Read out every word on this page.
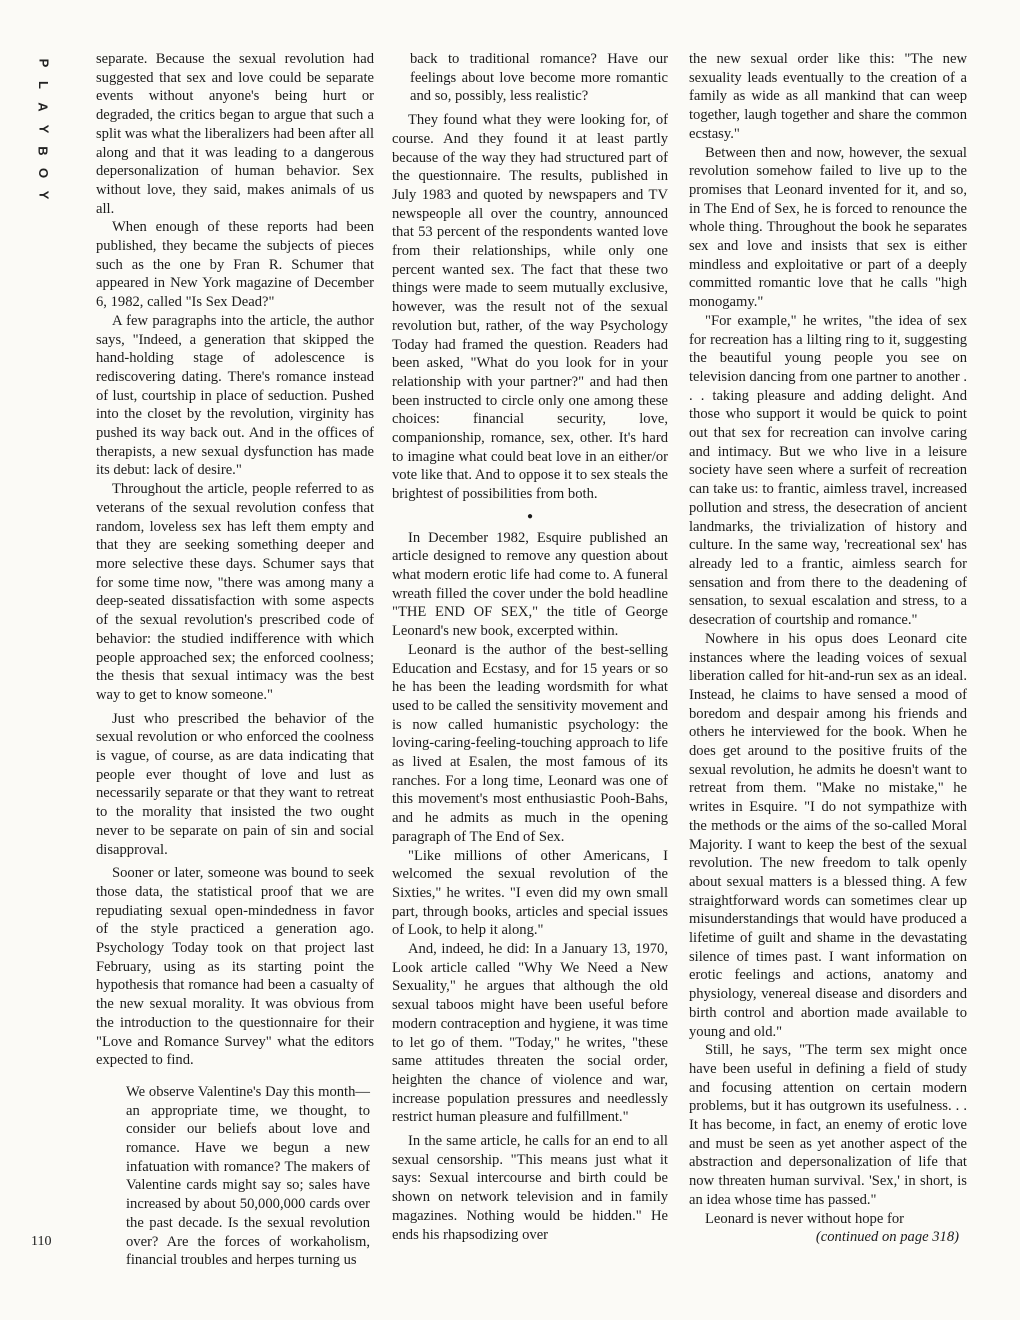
P
L
A
Y
B
O
Y

separate. Because the sexual revolution had suggested that sex and love could be separate events without anyone's being hurt or degraded, the critics began to argue that such a split was what the liberalizers had been after all along and that it was leading to a dangerous depersonalization of human behavior. Sex without love, they said, makes animals of us all.

When enough of these reports had been published, they became the subjects of pieces such as the one by Fran R. Schumer that appeared in New York magazine of December 6, 1982, called "Is Sex Dead?"

A few paragraphs into the article, the author says, "Indeed, a generation that skipped the hand-holding stage of adolescence is rediscovering dating. There's romance instead of lust, courtship in place of seduction. Pushed into the closet by the revolution, virginity has pushed its way back out. And in the offices of therapists, a new sexual dysfunction has made its debut: lack of desire."

Throughout the article, people referred to as veterans of the sexual revolution confess that random, loveless sex has left them empty and that they are seeking something deeper and more selective these days. Schumer says that for some time now, "there was among many a deep-seated dissatisfaction with some aspects of the sexual revolution's prescribed code of behavior: the studied indifference with which people approached sex; the enforced coolness; the thesis that sexual intimacy was the best way to get to know someone."

Just who prescribed the behavior of the sexual revolution or who enforced the coolness is vague, of course, as are data indicating that people ever thought of love and lust as necessarily separate or that they want to retreat to the morality that insisted the two ought never to be separate on pain of sin and social disapproval.

Sooner or later, someone was bound to seek those data, the statistical proof that we are repudiating sexual open-mindedness in favor of the style practiced a generation ago. Psychology Today took on that project last February, using as its starting point the hypothesis that romance had been a casualty of the new sexual morality. It was obvious from the introduction to the questionnaire for their "Love and Romance Survey" what the editors expected to find.

We observe Valentine's Day this month—an appropriate time, we thought, to consider our beliefs about love and romance. Have we begun a new infatuation with romance? The makers of Valentine cards might say so; sales have increased by about 50,000,000 cards over the past decade. Is the sexual revolution over? Are the forces of workaholism, financial troubles and herpes turning us

back to traditional romance? Have our feelings about love become more romantic and so, possibly, less realistic?

They found what they were looking for, of course. And they found it at least partly because of the way they had structured part of the questionnaire. The results, published in July 1983 and quoted by newspapers and TV newspeople all over the country, announced that 53 percent of the respondents wanted love from their relationships, while only one percent wanted sex. The fact that these two things were made to seem mutually exclusive, however, was the result not of the sexual revolution but, rather, of the way Psychology Today had framed the question. Readers had been asked, "What do you look for in your relationship with your partner?" and had then been instructed to circle only one among these choices: financial security, love, companionship, romance, sex, other. It's hard to imagine what could beat love in an either/or vote like that. And to oppose it to sex steals the brightest of possibilities from both.

●

In December 1982, Esquire published an article designed to remove any question about what modern erotic life had come to. A funeral wreath filled the cover under the bold headline "THE END OF SEX," the title of George Leonard's new book, excerpted within.

Leonard is the author of the best-selling Education and Ecstasy, and for 15 years or so he has been the leading wordsmith for what used to be called the sensitivity movement and is now called humanistic psychology: the loving-caring-feeling-touching approach to life as lived at Esalen, the most famous of its ranches. For a long time, Leonard was one of this movement's most enthusiastic Pooh-Bahs, and he admits as much in the opening paragraph of The End of Sex.

"Like millions of other Americans, I welcomed the sexual revolution of the Sixties," he writes. "I even did my own small part, through books, articles and special issues of Look, to help it along."

And, indeed, he did: In a January 13, 1970, Look article called "Why We Need a New Sexuality," he argues that although the old sexual taboos might have been useful before modern contraception and hygiene, it was time to let go of them. "Today," he writes, "these same attitudes threaten the social order, heighten the chance of violence and war, increase population pressures and needlessly restrict human pleasure and fulfillment."

In the same article, he calls for an end to all sexual censorship. "This means just what it says: Sexual intercourse and birth could be shown on network television and in family magazines. Nothing would be hidden." He ends his rhapsodizing over

the new sexual order like this: "The new sexuality leads eventually to the creation of a family as wide as all mankind that can weep together, laugh together and share the common ecstasy."

Between then and now, however, the sexual revolution somehow failed to live up to the promises that Leonard invented for it, and so, in The End of Sex, he is forced to renounce the whole thing. Throughout the book he separates sex and love and insists that sex is either mindless and exploitative or part of a deeply committed romantic love that he calls "high monogamy."

"For example," he writes, "the idea of sex for recreation has a lilting ring to it, suggesting the beautiful young people you see on television dancing from one partner to another . . . taking pleasure and adding delight. And those who support it would be quick to point out that sex for recreation can involve caring and intimacy. But we who live in a leisure society have seen where a surfeit of recreation can take us: to frantic, aimless travel, increased pollution and stress, the desecration of ancient landmarks, the trivialization of history and culture. In the same way, 'recreational sex' has already led to a frantic, aimless search for sensation and from there to the deadening of sensation, to sexual escalation and stress, to a desecration of courtship and romance."

Nowhere in his opus does Leonard cite instances where the leading voices of sexual liberation called for hit-and-run sex as an ideal. Instead, he claims to have sensed a mood of boredom and despair among his friends and others he interviewed for the book. When he does get around to the positive fruits of the sexual revolution, he admits he doesn't want to retreat from them. "Make no mistake," he writes in Esquire. "I do not sympathize with the methods or the aims of the so-called Moral Majority. I want to keep the best of the sexual revolution. The new freedom to talk openly about sexual matters is a blessed thing. A few straightforward words can sometimes clear up misunderstandings that would have produced a lifetime of guilt and shame in the devastating silence of times past. I want information on erotic feelings and actions, anatomy and physiology, venereal disease and disorders and birth control and abortion made available to young and old."

Still, he says, "The term sex might once have been useful in defining a field of study and focusing attention on certain modern problems, but it has outgrown its usefulness. . . It has become, in fact, an enemy of erotic love and must be seen as yet another aspect of the abstraction and depersonalization of life that now threaten human survival. 'Sex,' in short, is an idea whose time has passed."

Leonard is never without hope for

(continued on page 318)
110
